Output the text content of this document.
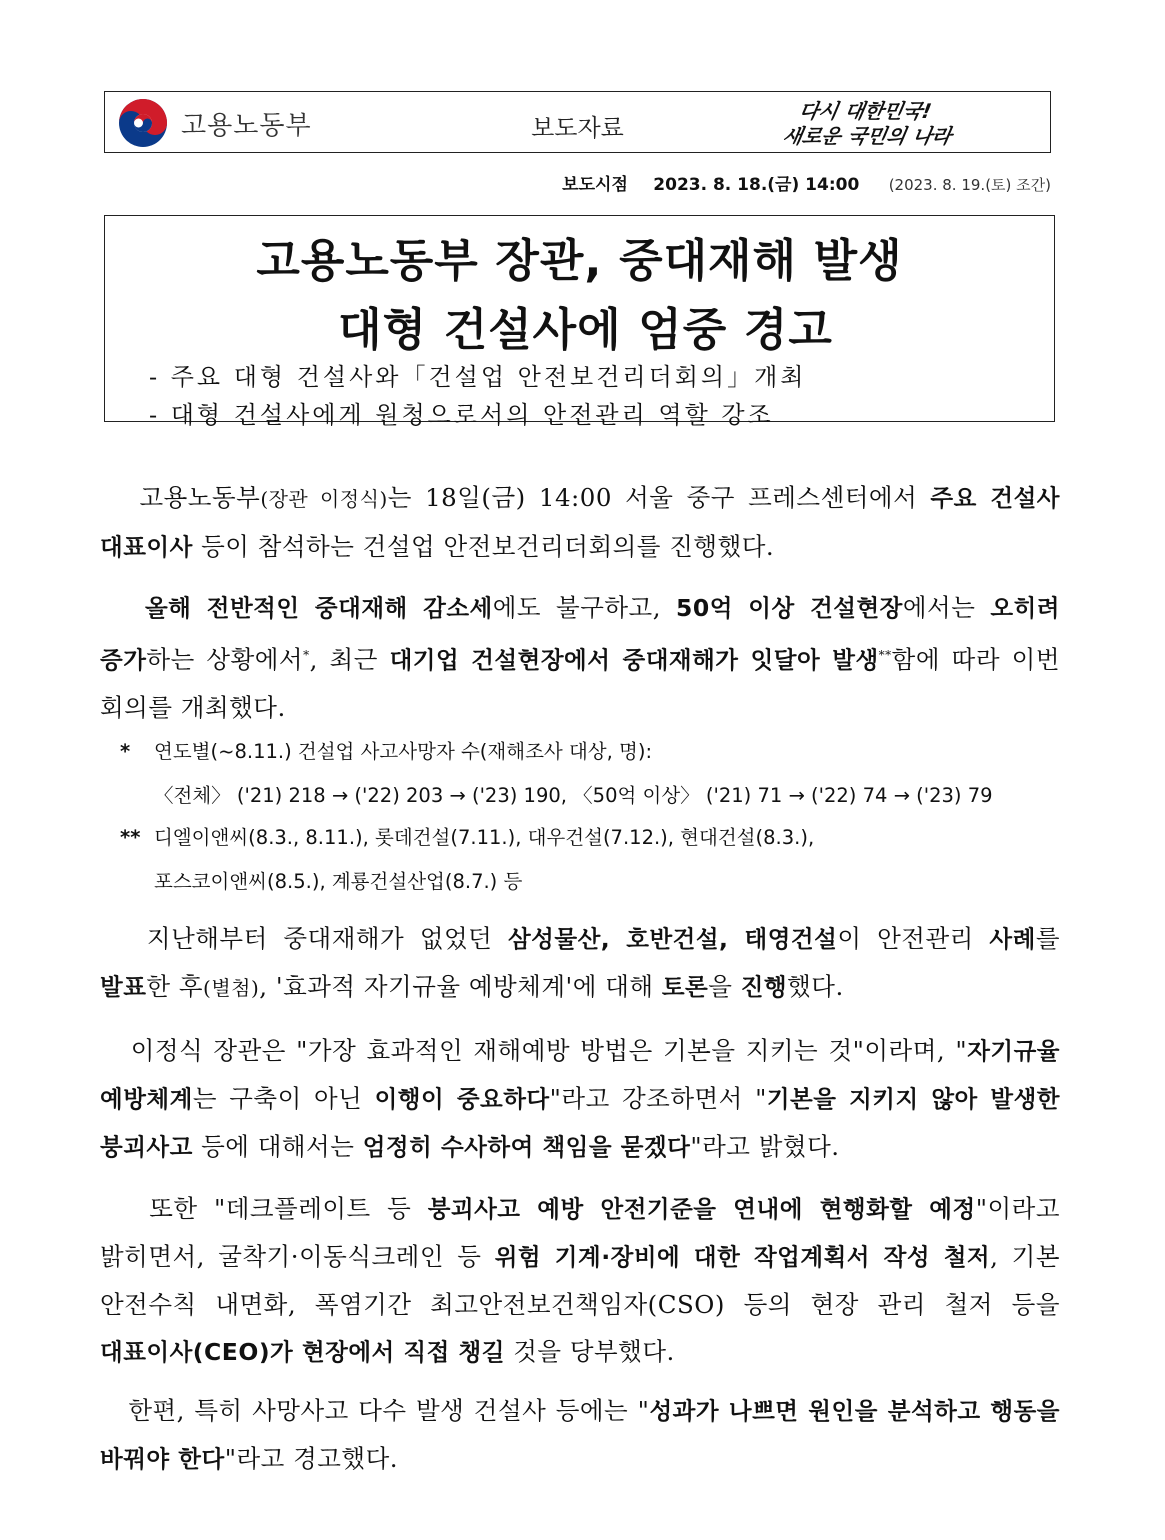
고용노동부	보도자료
다시 대한민국!
새로운 국민의 나라
보도시점 2023. 8. 18.(금) 14:00 (2023. 8. 19.(토) 조간)
고용노동부 장관, 중대재해 발생
대형 건설사에 엄중 경고
- 주요 대형 건설사와「건설업 안전보건리더회의」개최
- 대형 건설사에게 원청으로서의 안전관리 역할 강조
고용노동부(장관 이정식)는 18일(금) 14:00 서울 중구 프레스센터에서 주요 건설사 대표이사 등이 참석하는 건설업 안전보건리더회의를 진행했다.
올해 전반적인 중대재해 감소세에도 불구하고, 50억 이상 건설현장에서는 오히려 증가하는 상황에서*, 최근 대기업 건설현장에서 중대재해가 잇달아 발생**함에 따라 이번 회의를 개최했다.
* 연도별(~8.11.) 건설업 사고사망자 수(재해조사 대상, 명):
〈전체〉 ('21) 218 → ('22) 203 → ('23) 190, 〈50억 이상〉 ('21) 71 → ('22) 74 → ('23) 79
** 디엘이앤씨(8.3., 8.11.), 롯데건설(7.11.), 대우건설(7.12.), 현대건설(8.3.),
포스코이앤씨(8.5.), 계룡건설산업(8.7.) 등
지난해부터 중대재해가 없었던 삼성물산, 호반건설, 태영건설이 안전관리 사례를 발표한 후(별첨), '효과적 자기규율 예방체계'에 대해 토론을 진행했다.
이정식 장관은 "가장 효과적인 재해예방 방법은 기본을 지키는 것"이라며, "자기규율 예방체계는 구축이 아닌 이행이 중요하다"라고 강조하면서 "기본을 지키지 않아 발생한 붕괴사고 등에 대해서는 엄정히 수사하여 책임을 묻겠다"라고 밝혔다.
또한 "데크플레이트 등 붕괴사고 예방 안전기준을 연내에 현행화할 예정"이라고 밝히면서, 굴착기·이동식크레인 등 위험 기계·장비에 대한 작업계획서 작성 철저, 기본 안전수칙 내면화, 폭염기간 최고안전보건책임자(CSO) 등의 현장 관리 철저 등을 대표이사(CEO)가 현장에서 직접 챙길 것을 당부했다.
한편, 특히 사망사고 다수 발생 건설사 등에는 "성과가 나쁘면 원인을 분석하고 행동을 바꿔야 한다"라고 경고했다.
